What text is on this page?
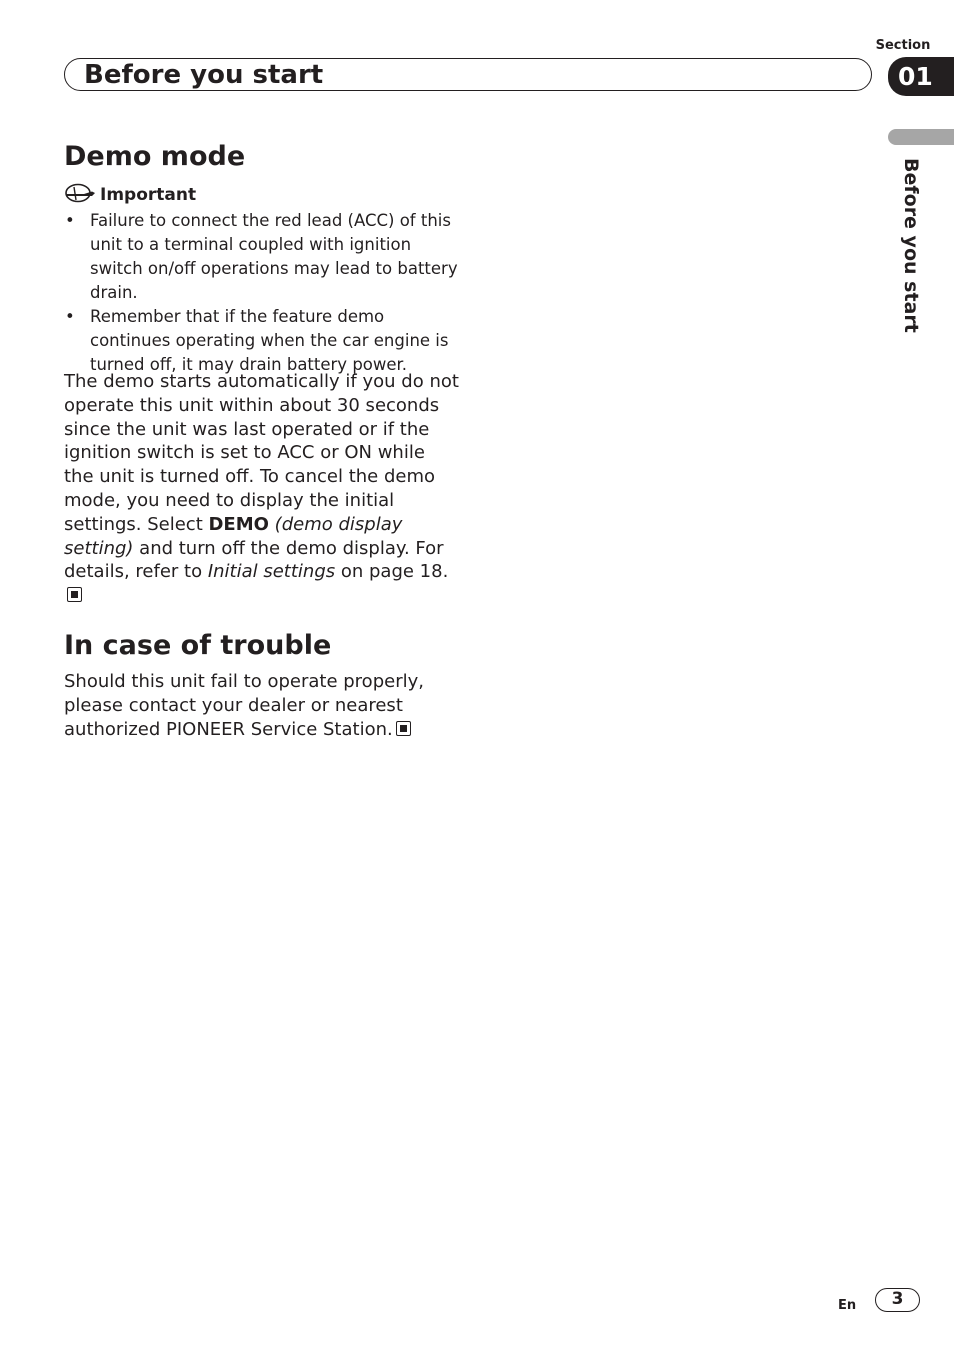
Section
Before you start	01
Before you start
Demo mode
Important
• Failure to connect the red lead (ACC) of this unit to a terminal coupled with ignition switch on/off operations may lead to battery drain.
• Remember that if the feature demo continues operating when the car engine is turned off, it may drain battery power.

The demo starts automatically if you do not operate this unit within about 30 seconds since the unit was last operated or if the ignition switch is set to ACC or ON while the unit is turned off. To cancel the demo mode, you need to display the initial settings. Select DEMO (demo display setting) and turn off the demo display. For details, refer to Initial settings on page 18.

In case of trouble

Should this unit fail to operate properly, please contact your dealer or nearest authorized PIONEER Service Station.

En	3
